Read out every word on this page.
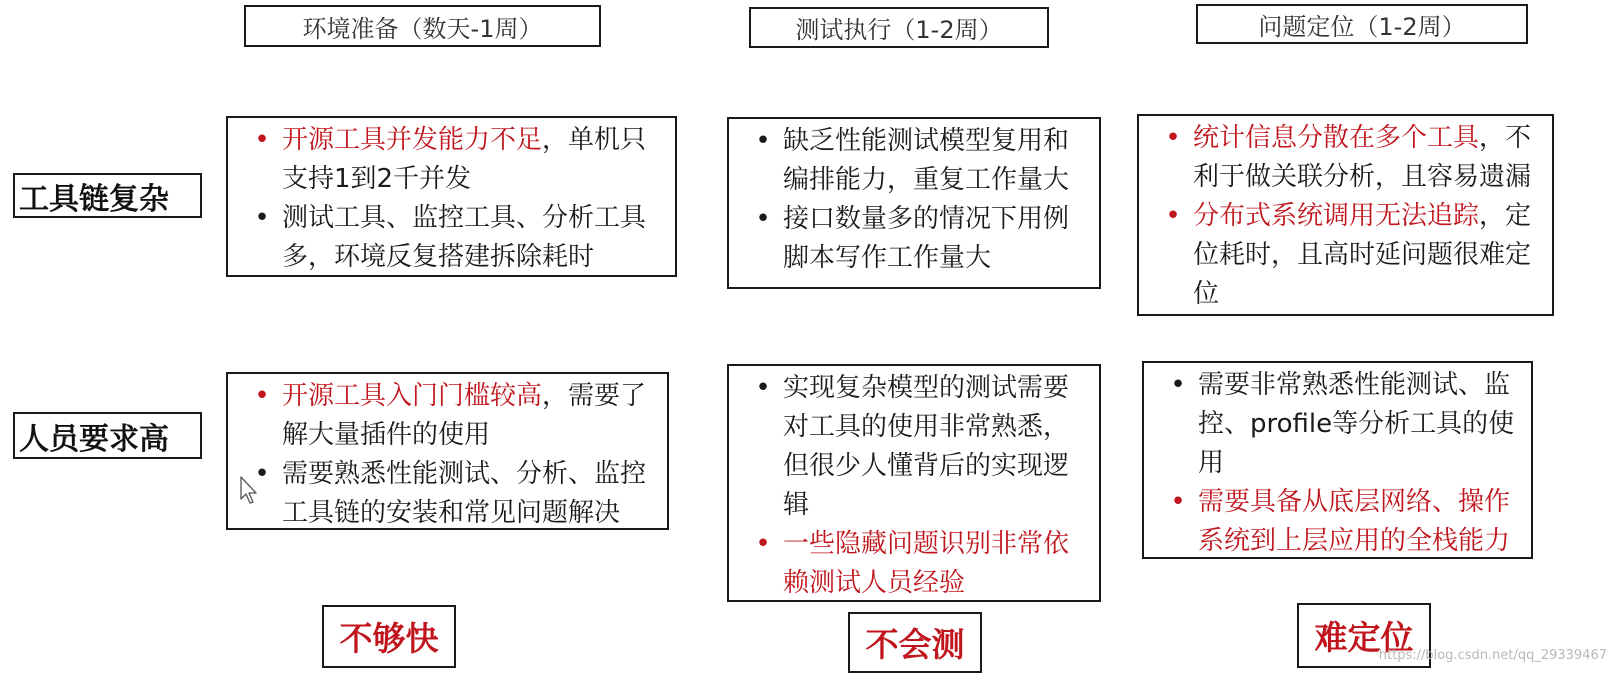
环境准备（数天-1周）	测试执行（1-2周）	问题定位（1-2周）
工具链复杂
人员要求高
• 开源工具并发能力不足，单机只支持1到2千并发
• 测试工具、监控工具、分析工具多，环境反复搭建拆除耗时
• 缺乏性能测试模型复用和编排能力，重复工作量大
• 接口数量多的情况下用例脚本写作工作量大
• 统计信息分散在多个工具，不利于做关联分析，且容易遗漏
• 分布式系统调用无法追踪，定位耗时，且高时延问题很难定位
• 开源工具入门门槛较高，需要了解大量插件的使用
• 需要熟悉性能测试、分析、监控工具链的安装和常见问题解决
• 实现复杂模型的测试需要对工具的使用非常熟悉，但很少人懂背后的实现逻辑
• 一些隐藏问题识别非常依赖测试人员经验
• 需要非常熟悉性能测试、监控、profile等分析工具的使用
• 需要具备从底层网络、操作系统到上层应用的全栈能力
不够快	不会测	难定位
https://blog.csdn.net/qq_29339467
